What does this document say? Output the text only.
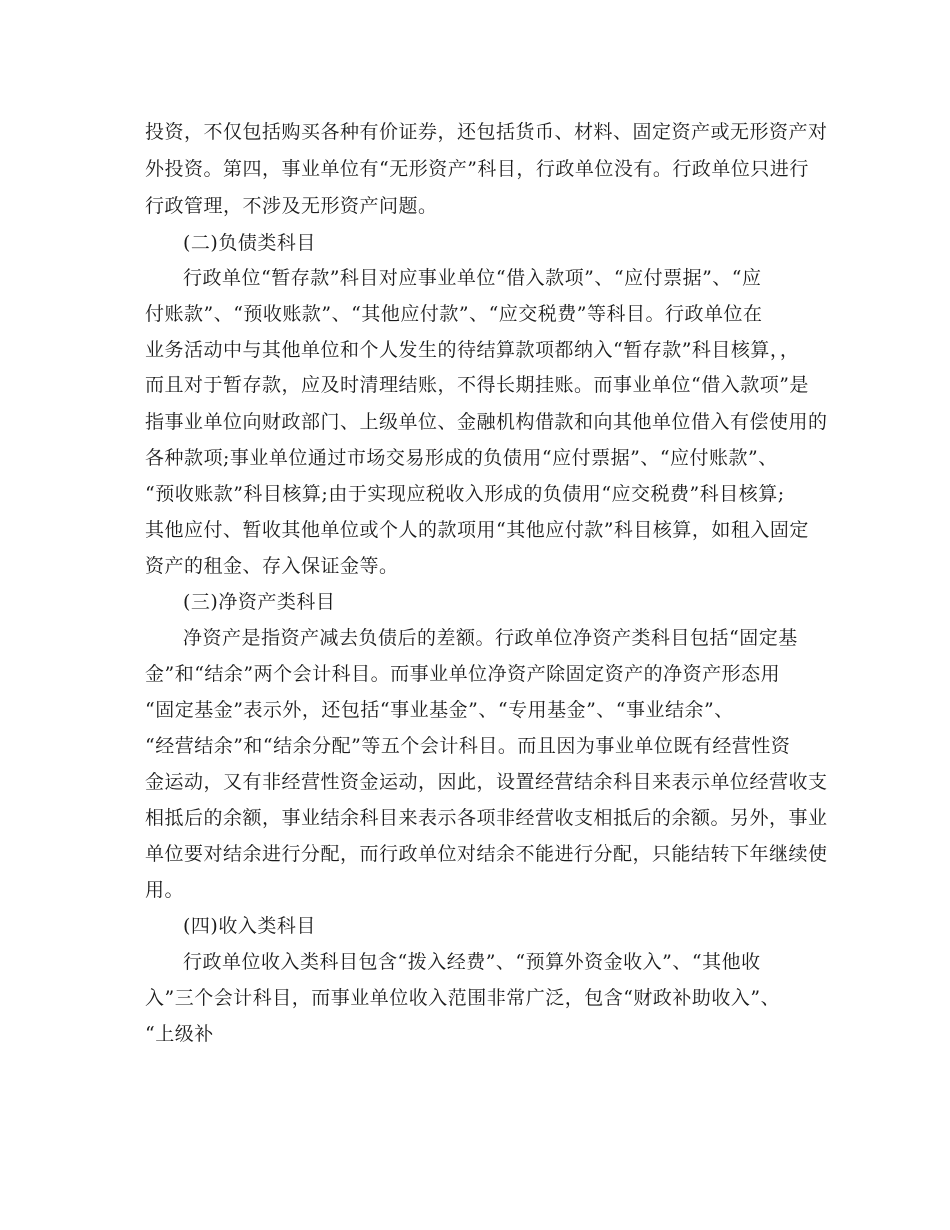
投资，不仅包括购买各种有价证券，还包括货币、材料、固定资产或无形资产对
外投资。第四，事业单位有“无形资产”科目，行政单位没有。行政单位只进行
行政管理，不涉及无形资产问题。
(二)负债类科目
行政单位“暂存款”科目对应事业单位“借入款项”、“应付票据”、“应
付账款”、“预收账款”、“其他应付款”、“应交税费”等科目。行政单位在
业务活动中与其他单位和个人发生的待结算款项都纳入“暂存款”科目核算，，
而且对于暂存款，应及时清理结账，不得长期挂账。而事业单位“借入款项”是
指事业单位向财政部门、上级单位、金融机构借款和向其他单位借入有偿使用的
各种款项;事业单位通过市场交易形成的负债用“应付票据”、“应付账款”、
“预收账款”科目核算;由于实现应税收入形成的负债用“应交税费”科目核算;
其他应付、暂收其他单位或个人的款项用“其他应付款”科目核算，如租入固定
资产的租金、存入保证金等。
(三)净资产类科目
净资产是指资产减去负债后的差额。行政单位净资产类科目包括“固定基
金”和“结余”两个会计科目。而事业单位净资产除固定资产的净资产形态用
“固定基金”表示外，还包括“事业基金”、“专用基金”、“事业结余”、
“经营结余”和“结余分配”等五个会计科目。而且因为事业单位既有经营性资
金运动，又有非经营性资金运动，因此，设置经营结余科目来表示单位经营收支
相抵后的余额，事业结余科目来表示各项非经营收支相抵后的余额。另外，事业
单位要对结余进行分配，而行政单位对结余不能进行分配，只能结转下年继续使
用。
(四)收入类科目
行政单位收入类科目包含“拨入经费”、“预算外资金收入”、“其他收
入”三个会计科目，而事业单位收入范围非常广泛，包含“财政补助收入”、
“上级补
